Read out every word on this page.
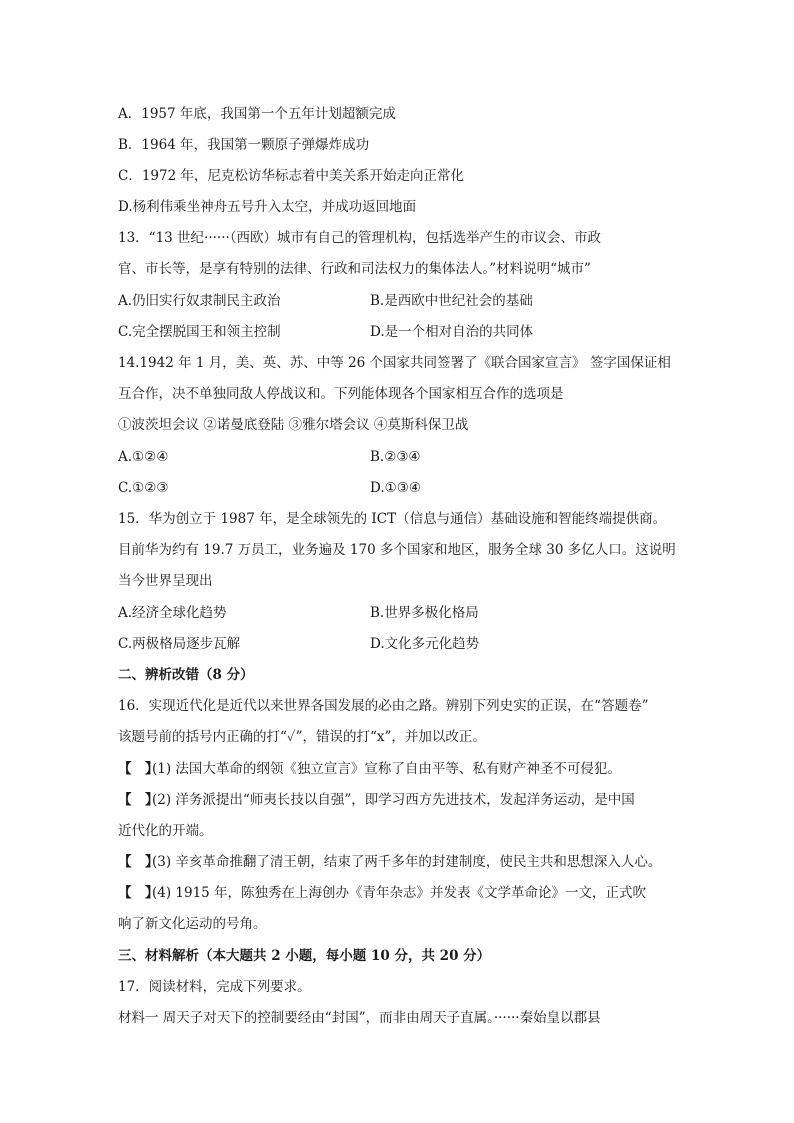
A．1957 年底，我国第一个五年计划超额完成
B．1964 年，我国第一颗原子弹爆炸成功
C．1972 年，尼克松访华标志着中美关系开始走向正常化
D.杨利伟乘坐神舟五号升入太空，并成功返回地面
13．“13 世纪······（西欧）城市有自己的管理机构，包括选举产生的市议会、市政
官、市长等，是享有特别的法律、行政和司法权力的集体法人。”材料说明“城市”
A.仍旧实行奴隶制民主政治	B.是西欧中世纪社会的基础
C.完全摆脱国王和领主控制	D.是一个相对自治的共同体
14.1942 年 1 月，美、英、苏、中等 26 个国家共同签署了《联合国家宣言》 签字国保证相
互合作，决不单独同敌人停战议和。下列能体现各个国家相互合作的选项是
①波茨坦会议 ②诺曼底登陆 ③雅尔塔会议 ④莫斯科保卫战
A.①②④	B.②③④
C.①②③	D.①③④
15．华为创立于 1987 年，是全球领先的 ICT（信息与通信）基础设施和智能终端提供商。
目前华为约有 19.7 万员工，业务遍及 170 多个国家和地区，服务全球 30 多亿人口。这说明
当今世界呈现出
A.经济全球化趋势	B.世界多极化格局
C.两极格局逐步瓦解	D.文化多元化趋势
二、辨析改错（8 分）
16．实现近代化是近代以来世界各国发展的必由之路。辨别下列史实的正误，在“答题卷”
该题号前的括号内正确的打“✓”，错误的打“x”，并加以改正。
【　】(1) 法国大革命的纲领《独立宣言》宣称了自由平等、私有财产神圣不可侵犯。
【　】(2) 洋务派提出“师夷长技以自强”，即学习西方先进技术，发起洋务运动，是中国
近代化的开端。
【　】(3) 辛亥革命推翻了清王朝，结束了两千多年的封建制度，使民主共和思想深入人心。
【　】(4) 1915 年，陈独秀在上海创办《青年杂志》并发表《文学革命论》一文，正式吹
响了新文化运动的号角。
三、材料解析（本大题共 2 小题，每小题 10 分，共 20 分）
17．阅读材料，完成下列要求。
材料一 周天子对天下的控制要经由“封国”，而非由周天子直属。······秦始皇以郡县
